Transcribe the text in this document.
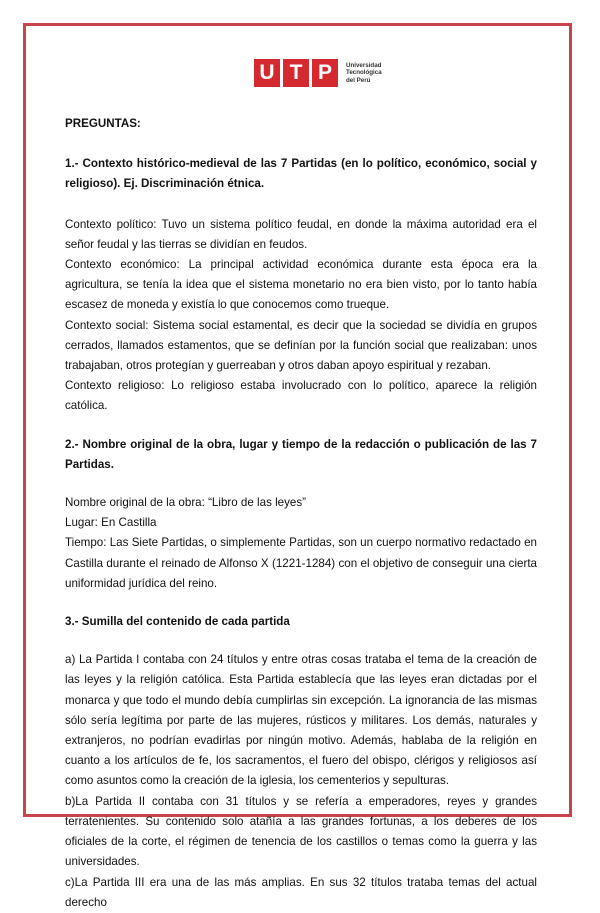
U T P	Universidad
Tecnológica
del Perú

PREGUNTAS:

1.- Contexto histórico-medieval de las 7 Partidas (en lo político, económico, social y religioso). Ej. Discriminación étnica.

Contexto político: Tuvo un sistema político feudal, en donde la máxima autoridad era el señor feudal y las tierras se dividían en feudos.

Contexto económico: La principal actividad económica durante esta época era la agricultura, se tenía la idea que el sistema monetario no era bien visto, por lo tanto había escasez de moneda y existía lo que conocemos como trueque.

Contexto social: Sistema social estamental, es decir que la sociedad se dividía en grupos cerrados, llamados estamentos, que se definían por la función social que realizaban: unos trabajaban, otros protegían y guerreaban y otros daban apoyo espiritual y rezaban.

Contexto religioso: Lo religioso estaba involucrado con lo político, aparece la religión católica.

2.- Nombre original de la obra, lugar y tiempo de la redacción o publicación de las 7 Partidas.

Nombre original de la obra: “Libro de las leyes”

Lugar: En Castilla

Tiempo: Las Siete Partidas, o simplemente Partidas, son un cuerpo normativo redactado en Castilla durante el reinado de Alfonso X (1221-1284) con el objetivo de conseguir una cierta uniformidad jurídica del reino.

3.- Sumilla del contenido de cada partida

a) La Partida I contaba con 24 títulos y entre otras cosas trataba el tema de la creación de las leyes y la religión católica. Esta Partida establecía que las leyes eran dictadas por el monarca y que todo el mundo debía cumplirlas sin excepción. La ignorancia de las mismas sólo sería legítima por parte de las mujeres, rústicos y militares. Los demás, naturales y extranjeros, no podrían evadirlas por ningún motivo. Además, hablaba de la religión en cuanto a los artículos de fe, los sacramentos, el fuero del obispo, clérigos y religiosos así como asuntos como la creación de la iglesia, los cementerios y sepulturas.

b)La Partida II contaba con 31 títulos y se refería a emperadores, reyes y grandes terratenientes. Su contenido solo atañía a las grandes fortunas, a los deberes de los oficiales de la corte, el régimen de tenencia de los castillos o temas como la guerra y las universidades.

c)La Partida III era una de las más amplias. En sus 32 títulos trataba temas del actual derecho
